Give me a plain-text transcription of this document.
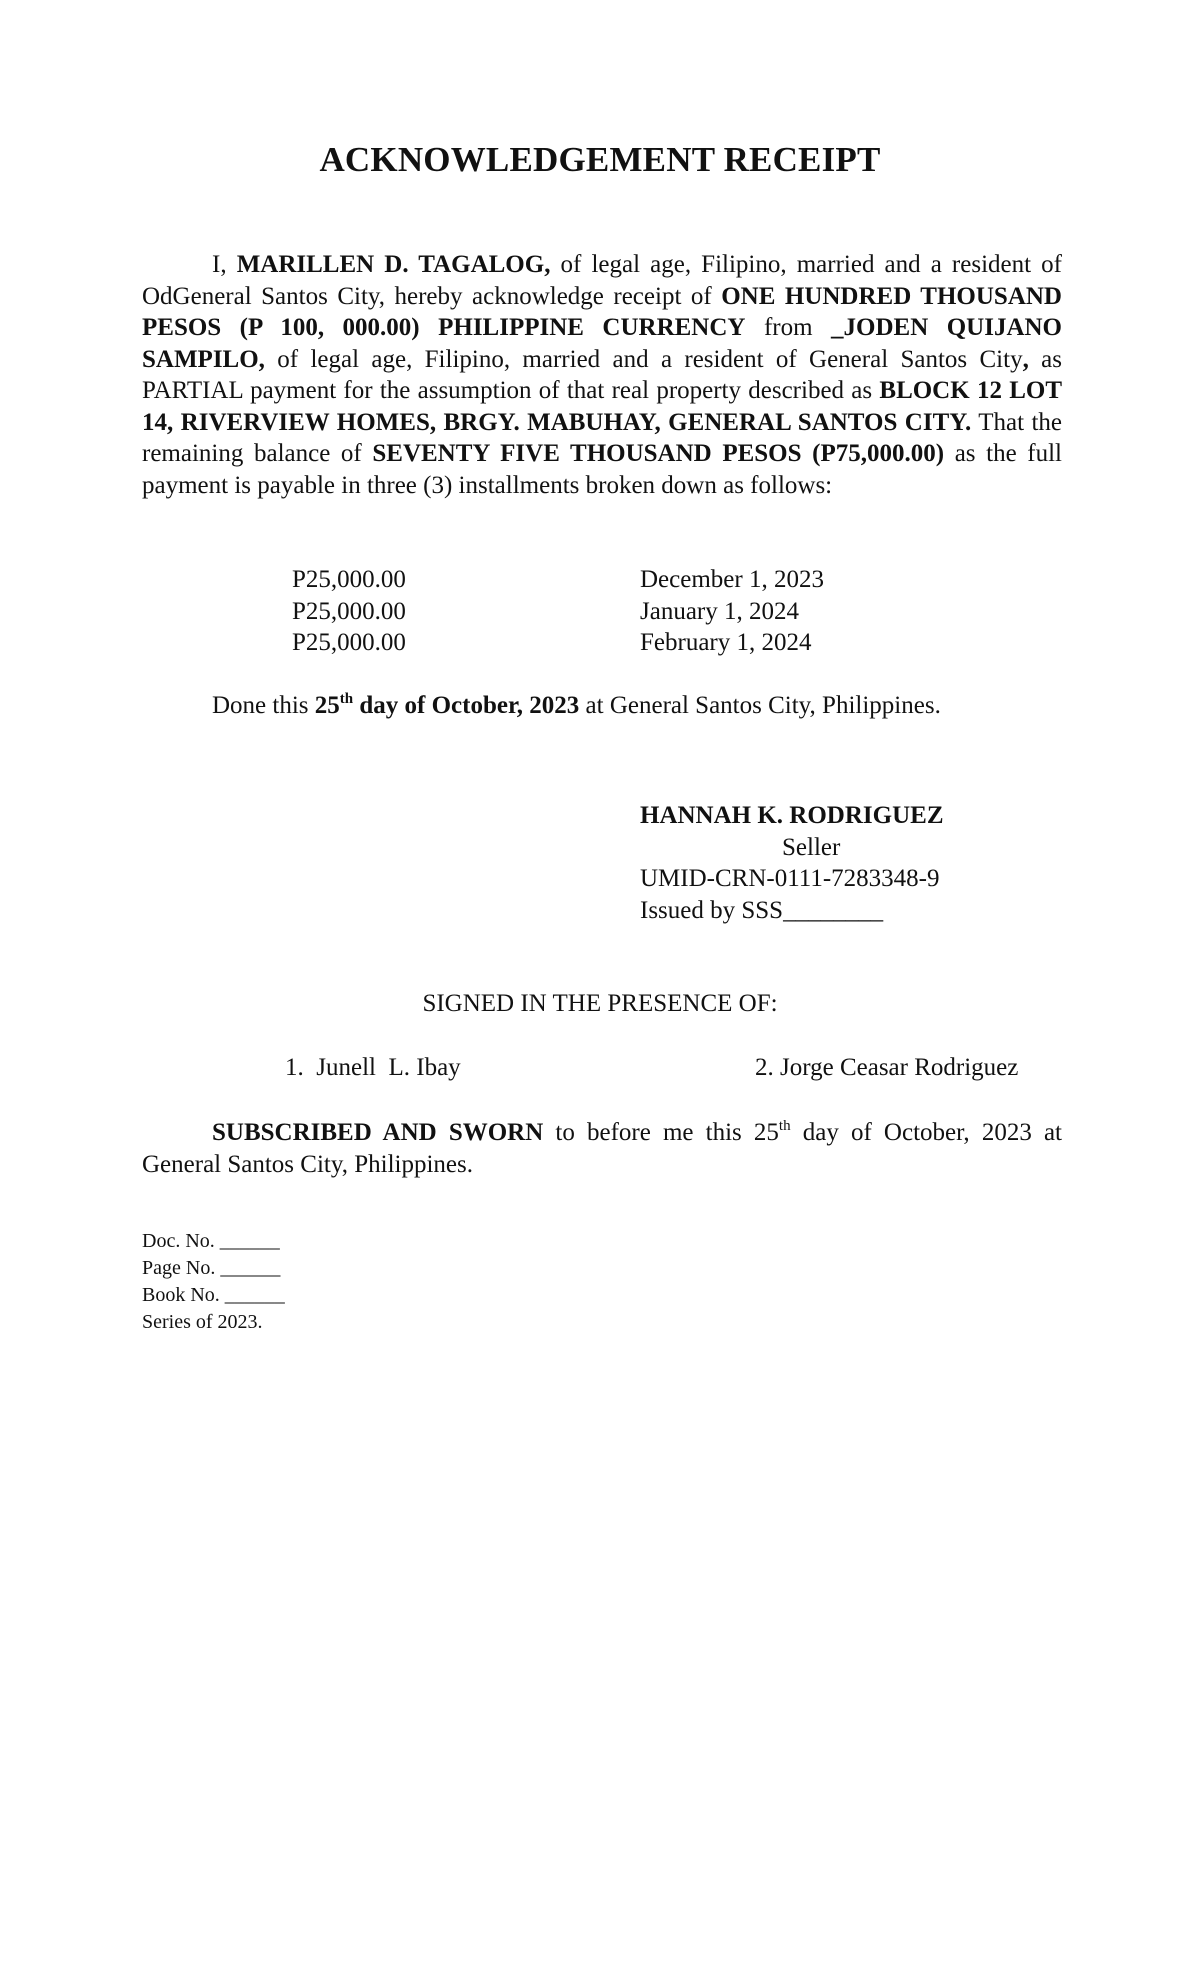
ACKNOWLEDGEMENT RECEIPT
I, MARILLEN D. TAGALOG, of legal age, Filipino, married and a resident of OdGeneral Santos City, hereby acknowledge receipt of ONE HUNDRED THOUSAND PESOS (P 100, 000.00) PHILIPPINE CURRENCY from _JODEN QUIJANO SAMPILO, of legal age, Filipino, married and a resident of General Santos City, as PARTIAL payment for the assumption of that real property described as BLOCK 12 LOT 14, RIVERVIEW HOMES, BRGY. MABUHAY, GENERAL SANTOS CITY. That the remaining balance of SEVENTY FIVE THOUSAND PESOS (P75,000.00) as the full payment is payable in three (3) installments broken down as follows:
P25,000.00	December 1, 2023
P25,000.00	January 1, 2024
P25,000.00	February 1, 2024
Done this 25th day of October, 2023 at General Santos City, Philippines.
HANNAH K. RODRIGUEZ
Seller
UMID-CRN-0111-7283348-9
Issued by SSS________
SIGNED IN THE PRESENCE OF:
1.  Junell  L. Ibay	2. Jorge Ceasar Rodriguez
SUBSCRIBED AND SWORN to before me this 25th day of October, 2023 at General Santos City, Philippines.
Doc. No. ______
Page No. ______
Book No. ______
Series of 2023.
